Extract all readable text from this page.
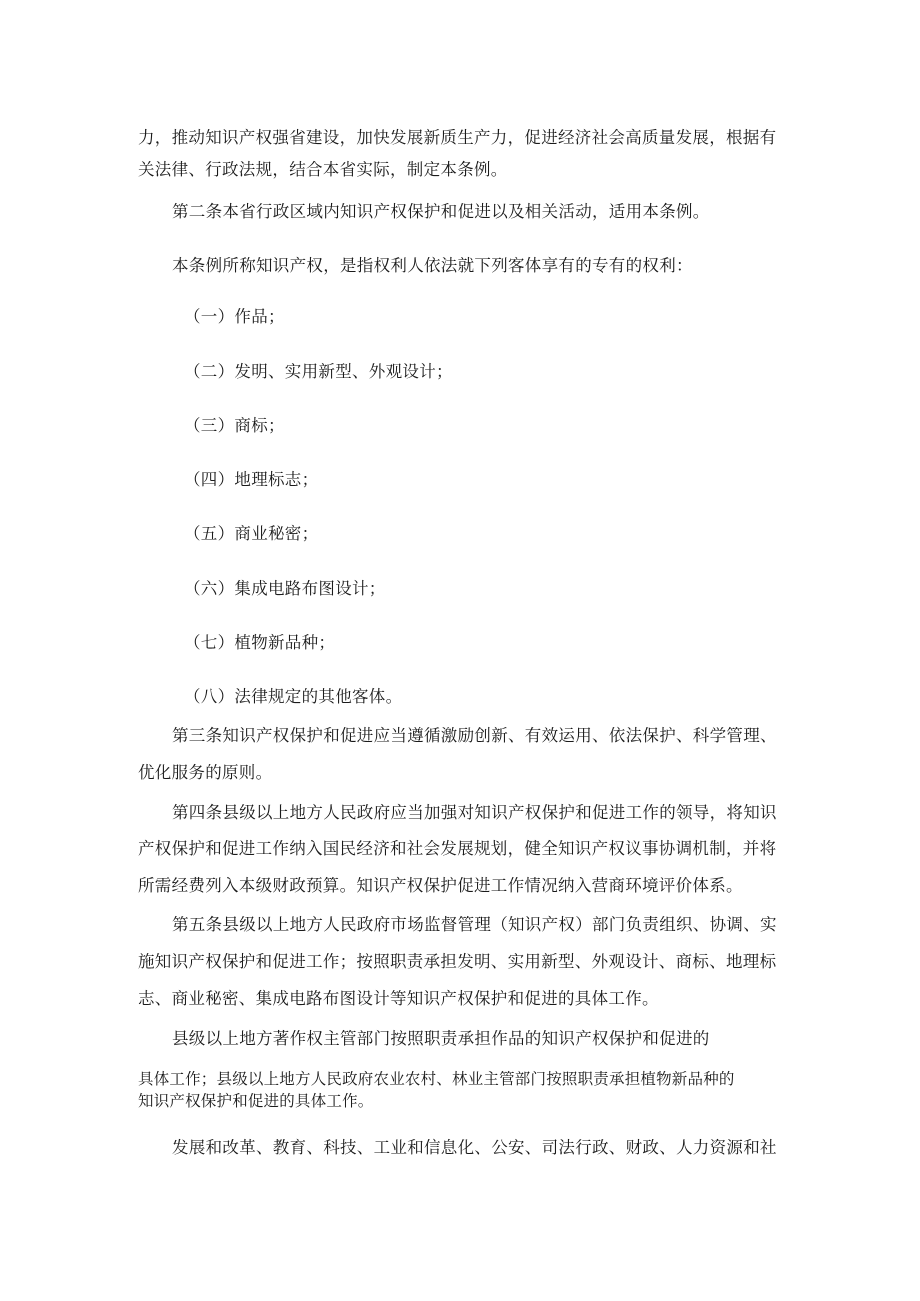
力，推动知识产权强省建设，加快发展新质生产力，促进经济社会高质量发展，根据有
关法律、行政法规，结合本省实际，制定本条例。
第二条本省行政区域内知识产权保护和促进以及相关活动，适用本条例。
本条例所称知识产权，是指权利人依法就下列客体享有的专有的权利：
（一）作品；
（二）发明、实用新型、外观设计；
（三）商标；
（四）地理标志；
（五）商业秘密；
（六）集成电路布图设计；
（七）植物新品种；
（八）法律规定的其他客体。
第三条知识产权保护和促进应当遵循激励创新、有效运用、依法保护、科学管理、
优化服务的原则。
第四条县级以上地方人民政府应当加强对知识产权保护和促进工作的领导，将知识
产权保护和促进工作纳入国民经济和社会发展规划，健全知识产权议事协调机制，并将
所需经费列入本级财政预算。知识产权保护促进工作情况纳入营商环境评价体系。
第五条县级以上地方人民政府市场监督管理（知识产权）部门负责组织、协调、实
施知识产权保护和促进工作；按照职责承担发明、实用新型、外观设计、商标、地理标
志、商业秘密、集成电路布图设计等知识产权保护和促进的具体工作。
县级以上地方著作权主管部门按照职责承担作品的知识产权保护和促进的
具体工作；县级以上地方人民政府农业农村、林业主管部门按照职责承担植物新品种的
知识产权保护和促进的具体工作。
发展和改革、教育、科技、工业和信息化、公安、司法行政、财政、人力资源和社
